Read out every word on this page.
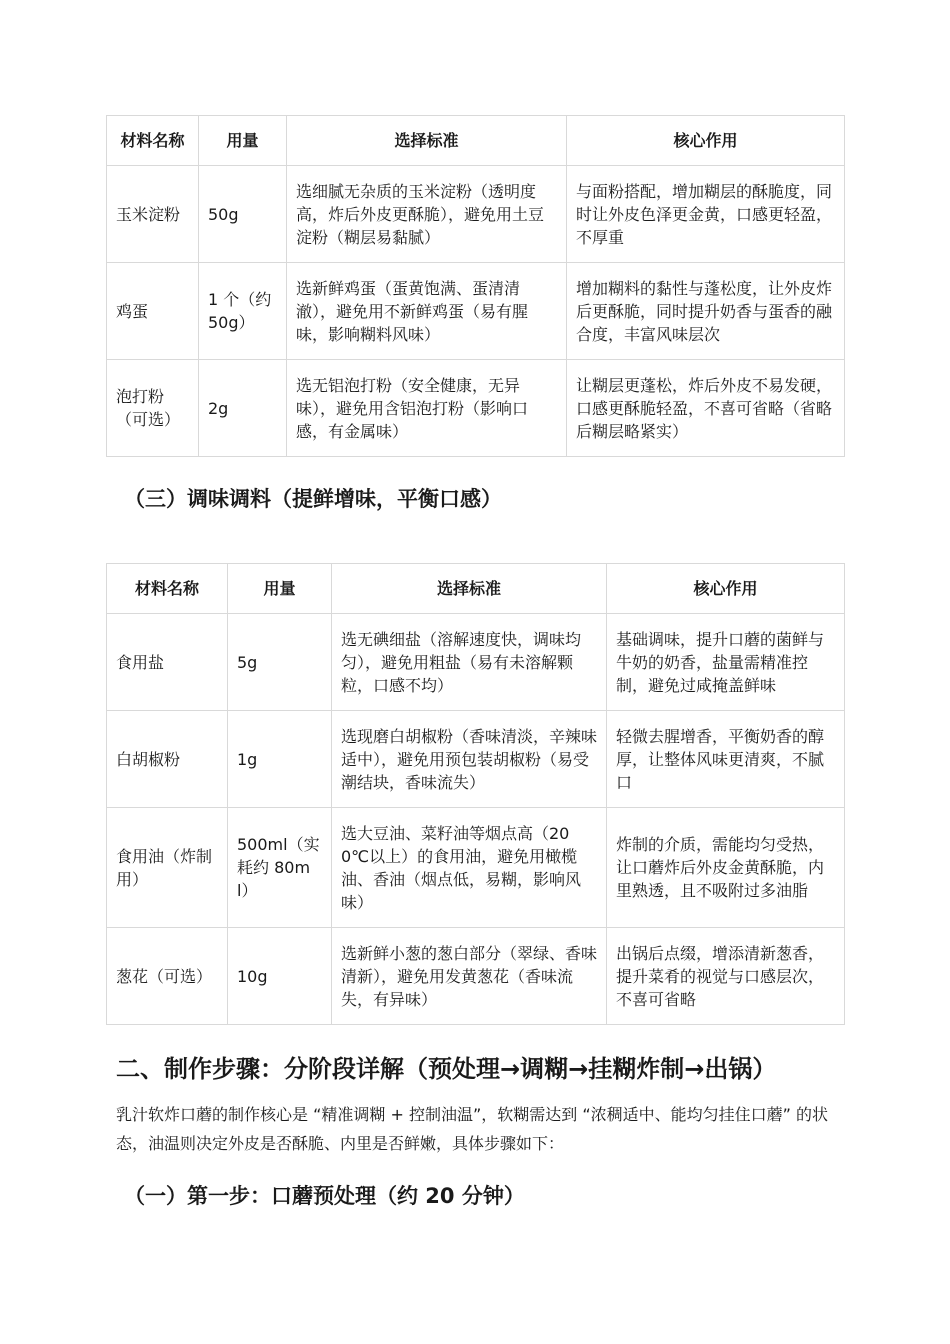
材料名称	用量	选择标准	核心作用
玉米淀粉	50g	选细腻无杂质的玉米淀粉（透明度高，炸后外皮更酥脆），避免用土豆淀粉（糊层易黏腻）	与面粉搭配，增加糊层的酥脆度，同时让外皮色泽更金黄，口感更轻盈，不厚重
鸡蛋	1 个（约 50g）	选新鲜鸡蛋（蛋黄饱满、蛋清清澈），避免用不新鲜鸡蛋（易有腥味，影响糊料风味）	增加糊料的黏性与蓬松度，让外皮炸后更酥脆，同时提升奶香与蛋香的融合度，丰富风味层次
泡打粉（可选）	2g	选无铝泡打粉（安全健康，无异味），避免用含铝泡打粉（影响口感，有金属味）	让糊层更蓬松，炸后外皮不易发硬，口感更酥脆轻盈，不喜可省略（省略后糊层略紧实）
（三）调味调料（提鲜增味，平衡口感）
材料名称	用量	选择标准	核心作用
食用盐	5g	选无碘细盐（溶解速度快，调味均匀），避免用粗盐（易有未溶解颗粒，口感不均）	基础调味，提升口蘑的菌鲜与牛奶的奶香，盐量需精准控制，避免过咸掩盖鲜味
白胡椒粉	1g	选现磨白胡椒粉（香味清淡，辛辣味适中），避免用预包装胡椒粉（易受潮结块，香味流失）	轻微去腥增香，平衡奶香的醇厚，让整体风味更清爽，不腻口
食用油（炸制用）	500ml（实耗约 80ml）	选大豆油、菜籽油等烟点高（200℃以上）的食用油，避免用橄榄油、香油（烟点低，易糊，影响风味）	炸制的介质，需能均匀受热，让口蘑炸后外皮金黄酥脆，内里熟透，且不吸附过多油脂
葱花（可选）	10g	选新鲜小葱的葱白部分（翠绿、香味清新），避免用发黄葱花（香味流失，有异味）	出锅后点缀，增添清新葱香，提升菜肴的视觉与口感层次，不喜可省略
二、制作步骤：分阶段详解（预处理→调糊→挂糊炸制→出锅）

乳汁软炸口蘑的制作核心是 “精准调糊 + 控制油温”，软糊需达到 “浓稠适中、能均匀挂住口蘑” 的状态，油温则决定外皮是否酥脆、内里是否鲜嫩，具体步骤如下：

（一）第一步：口蘑预处理（约 20 分钟）
